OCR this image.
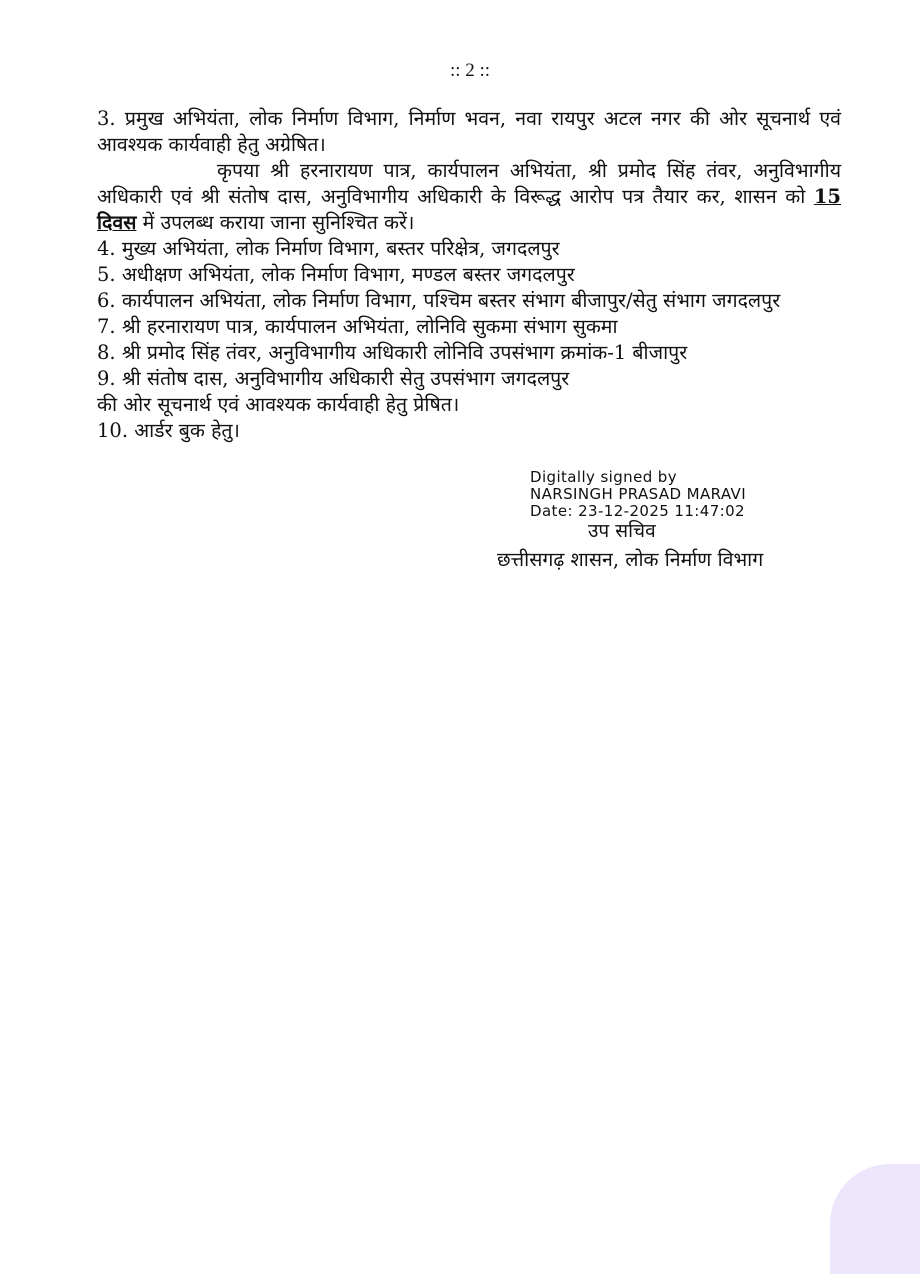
:: 2 ::

3. प्रमुख अभियंता, लोक निर्माण विभाग, निर्माण भवन, नवा रायपुर अटल नगर की ओर सूचनार्थ एवं आवश्यक कार्यवाही हेतु अग्रेषित।

कृपया श्री हरनारायण पात्र, कार्यपालन अभियंता, श्री प्रमोद सिंह तंवर, अनुविभागीय अधिकारी एवं श्री संतोष दास, अनुविभागीय अधिकारी के विरूद्ध आरोप पत्र तैयार कर, शासन को 15 दिवस में उपलब्ध कराया जाना सुनिश्चित करें।

4. मुख्य अभियंता, लोक निर्माण विभाग, बस्तर परिक्षेत्र, जगदलपुर

5. अधीक्षण अभियंता, लोक निर्माण विभाग, मण्डल बस्तर जगदलपुर

6. कार्यपालन अभियंता, लोक निर्माण विभाग, पश्चिम बस्तर संभाग बीजापुर/सेतु संभाग जगदलपुर

7. श्री हरनारायण पात्र, कार्यपालन अभियंता, लोनिवि सुकमा संभाग सुकमा

8. श्री प्रमोद सिंह तंवर, अनुविभागीय अधिकारी लोनिवि उपसंभाग क्रमांक-1 बीजापुर

9. श्री संतोष दास, अनुविभागीय अधिकारी सेतु उपसंभाग जगदलपुर

की ओर सूचनार्थ एवं आवश्यक कार्यवाही हेतु प्रेषित।

10. आर्डर बुक हेतु।

Digitally signed by
NARSINGH PRASAD MARAVI
Date: 23-12-2025 11:47:02
उप सचिव
छत्तीसगढ़ शासन, लोक निर्माण विभाग
